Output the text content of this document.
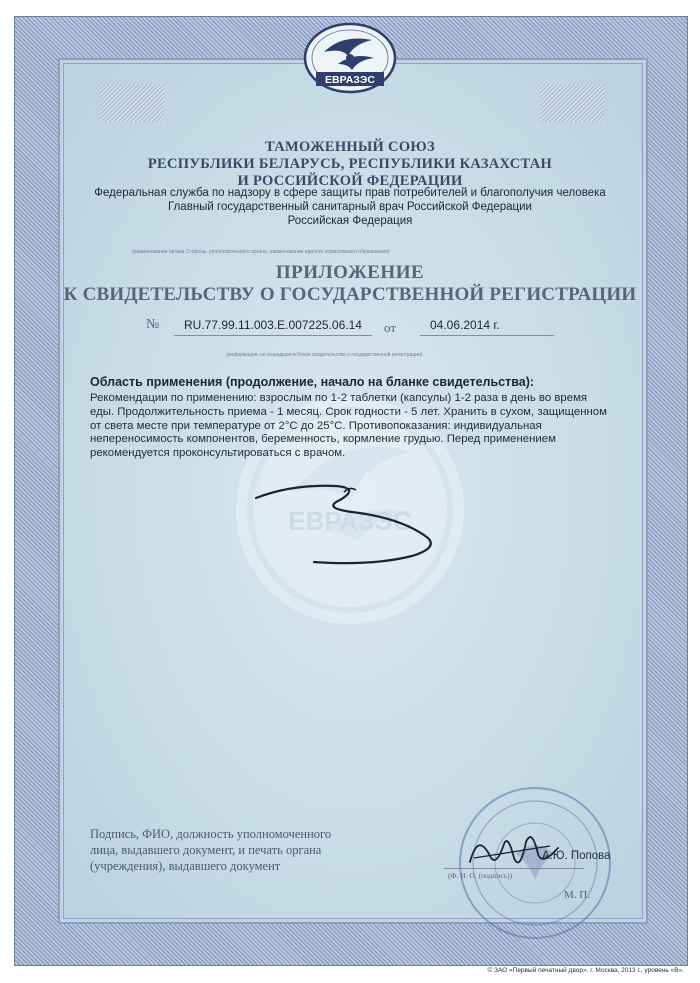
ЕВРАЗЭС
ЕВРАЗЭС
ТАМОЖЕННЫЙ СОЮЗ
РЕСПУБЛИКИ БЕЛАРУСЬ, РЕСПУБЛИКИ КАЗАХСТАН
И РОССИЙСКОЙ ФЕДЕРАЦИИ
Федеральная служба по надзору в сфере защиты прав потребителей и благополучия человека
Главный государственный санитарный врач Российской Федерации
Российская Федерация
(наименование органа Стороны, уполномоченного органа, наименование единого нормативного образования)
ПРИЛОЖЕНИЕ
К СВИДЕТЕЛЬСТВУ О ГОСУДАРСТВЕННОЙ РЕГИСТРАЦИИ
№ RU.77.99.11.003.E.007225.06.14 от	04.06.2014 г.
(информация, не вошедшая в бланк свидетельства о государственной регистрации)
Область применения (продолжение, начало на бланке свидетельства):
Рекомендации по применению: взрослым по 1-2 таблетки (капсулы) 1-2 раза в день во время
еды. Продолжительность приема - 1 месяц. Срок годности - 5 лет. Хранить в сухом, защищенном
от света месте при температуре от 2°С до 25°С. Противопоказания: индивидуальная
непереносимость компонентов, беременность, кормление грудью. Перед применением
рекомендуется проконсультироваться с врачом.
Подпись, ФИО, должность уполномоченного
лица, выдавшего документ, и печать органа
(учреждения), выдавшего документ
А.Ю. Попова
(Ф. И. О. (подпись))
М. П.
© ЗАО «Первый печатный двор», г. Москва, 2013 г., уровень «В».
